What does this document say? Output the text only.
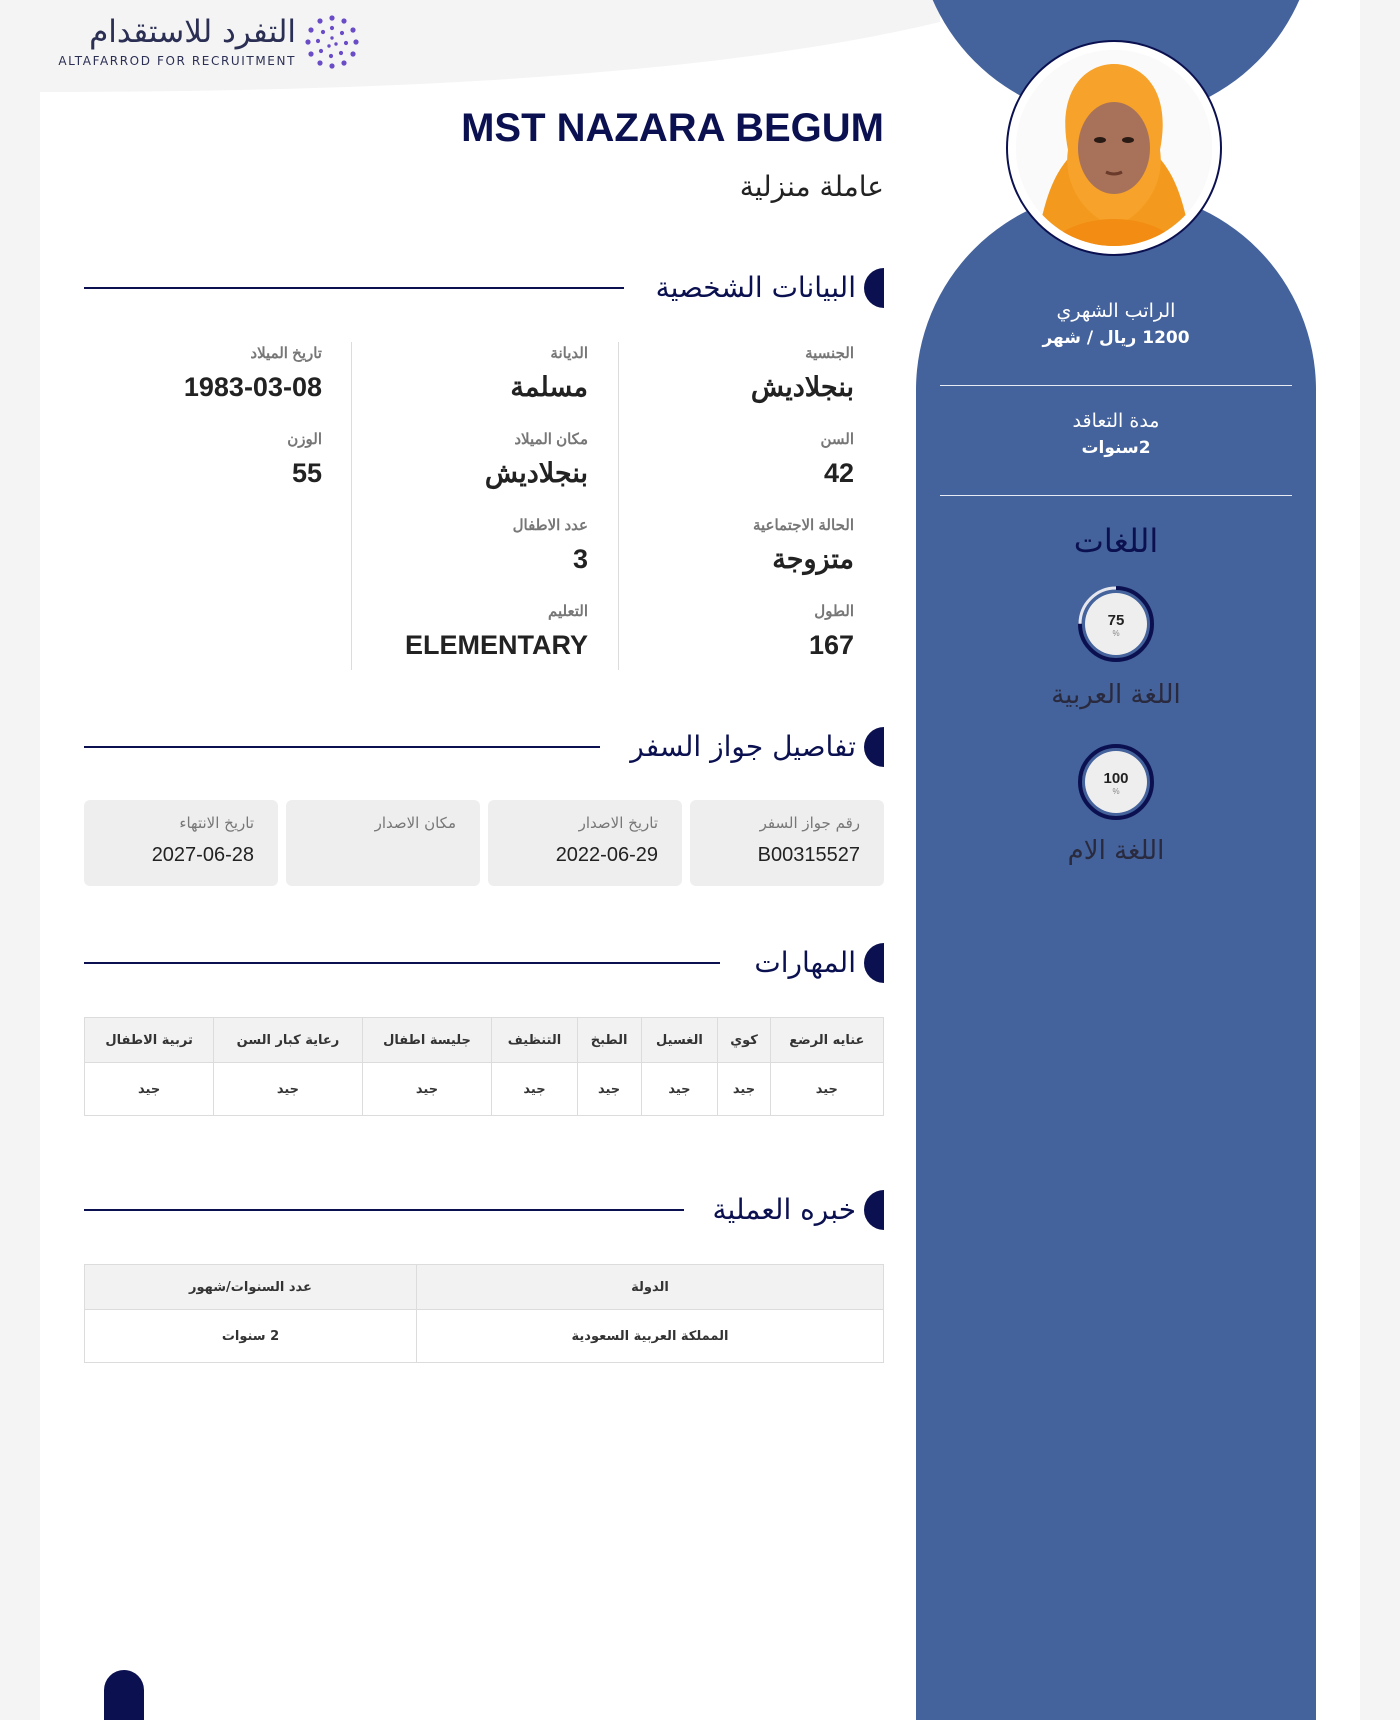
التفرد للاستقدام
ALTAFARROD FOR RECRUITMENT
الراتب الشهري
1200 ريال / شهر
مدة التعاقد
2سنوات
اللغات
75
%
اللغة العربية
100
%
اللغة الام
MST NAZARA BEGUM
عاملة منزلية
البيانات الشخصية
الجنسية
بنجلاديش
السن
42
الحالة الاجتماعية
متزوجة
الطول
167
الديانة
مسلمة
مكان الميلاد
بنجلاديش
عدد الاطفال
3
التعليم
ELEMENTARY
تاريخ الميلاد
1983-03-08
الوزن
55
تفاصيل جواز السفر
رقم جواز السفر
B00315527
تاريخ الاصدار
2022-06-29
مكان الاصدار
تاريخ الانتهاء
2027-06-28
المهارات
عنايه الرضع	كوي	الغسيل	الطبخ	التنظيف	جليسة اطفال	رعاية كبار السن	تربية الاطفال
جيد	جيد	جيد	جيد	جيد	جيد	جيد	جيد
خبره العملية
الدولة	عدد السنوات/شهور
المملكة العربية السعودية	2 سنوات
